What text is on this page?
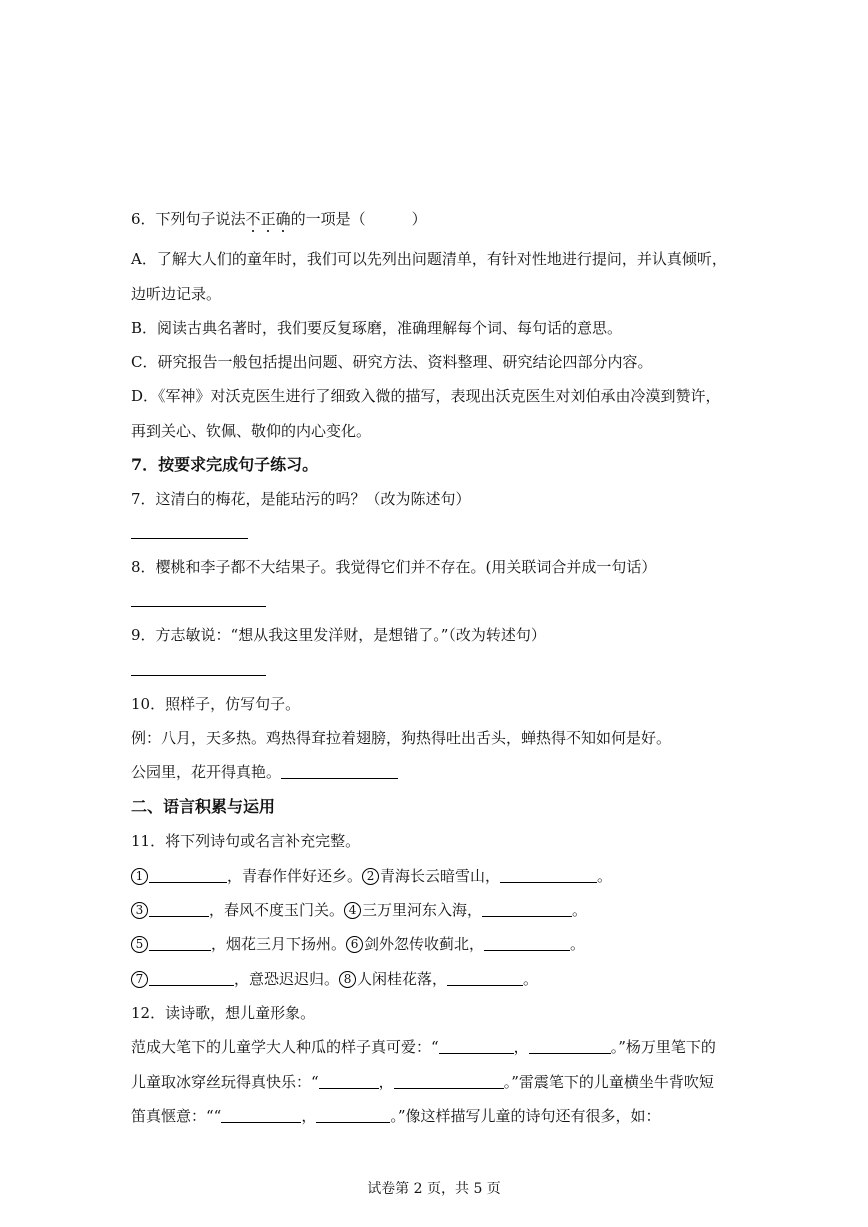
6．下列句子说法不正确的一项是（	）
A．了解大人们的童年时，我们可以先列出问题清单，有针对性地进行提问，并认真倾听，
边听边记录。
B．阅读古典名著时，我们要反复琢磨，准确理解每个词、每句话的意思。
C．研究报告一般包括提出问题、研究方法、资料整理、研究结论四部分内容。
D．《军神》对沃克医生进行了细致入微的描写，表现出沃克医生对刘伯承由冷漠到赞许，
再到关心、钦佩、敬仰的内心变化。
7．按要求完成句子练习。
7．这清白的梅花，是能玷污的吗？（改为陈述句）
8．樱桃和李子都不大结果子。我觉得它们并不存在。(用关联词合并成一句话）
9．方志敏说：“想从我这里发洋财，是想错了。”（改为转述句）
10．照样子，仿写句子。
例：八月，天多热。鸡热得耷拉着翅膀，狗热得吐出舌头，蝉热得不知如何是好。
公园里，花开得真艳。
二、语言积累与运用
11．将下列诗句或名言补充完整。
1	，青春作伴好还乡。 2 青海长云暗雪山，	。
3	，春风不度玉门关。 4 三万里河东入海，	。
5	，烟花三月下扬州。 6 剑外忽传收蓟北，	。
7	，意恐迟迟归。 8 人闲桂花落，	。
12．读诗歌，想儿童形象。
范成大笔下的儿童学大人种瓜的样子真可爱：“	，	。”杨万里笔下的
儿童取冰穿丝玩得真快乐：“	，	。”雷震笔下的儿童横坐牛背吹短
笛真惬意：““	，	。”像这样描写儿童的诗句还有很多，如：
试卷第 2 页，共 5 页
